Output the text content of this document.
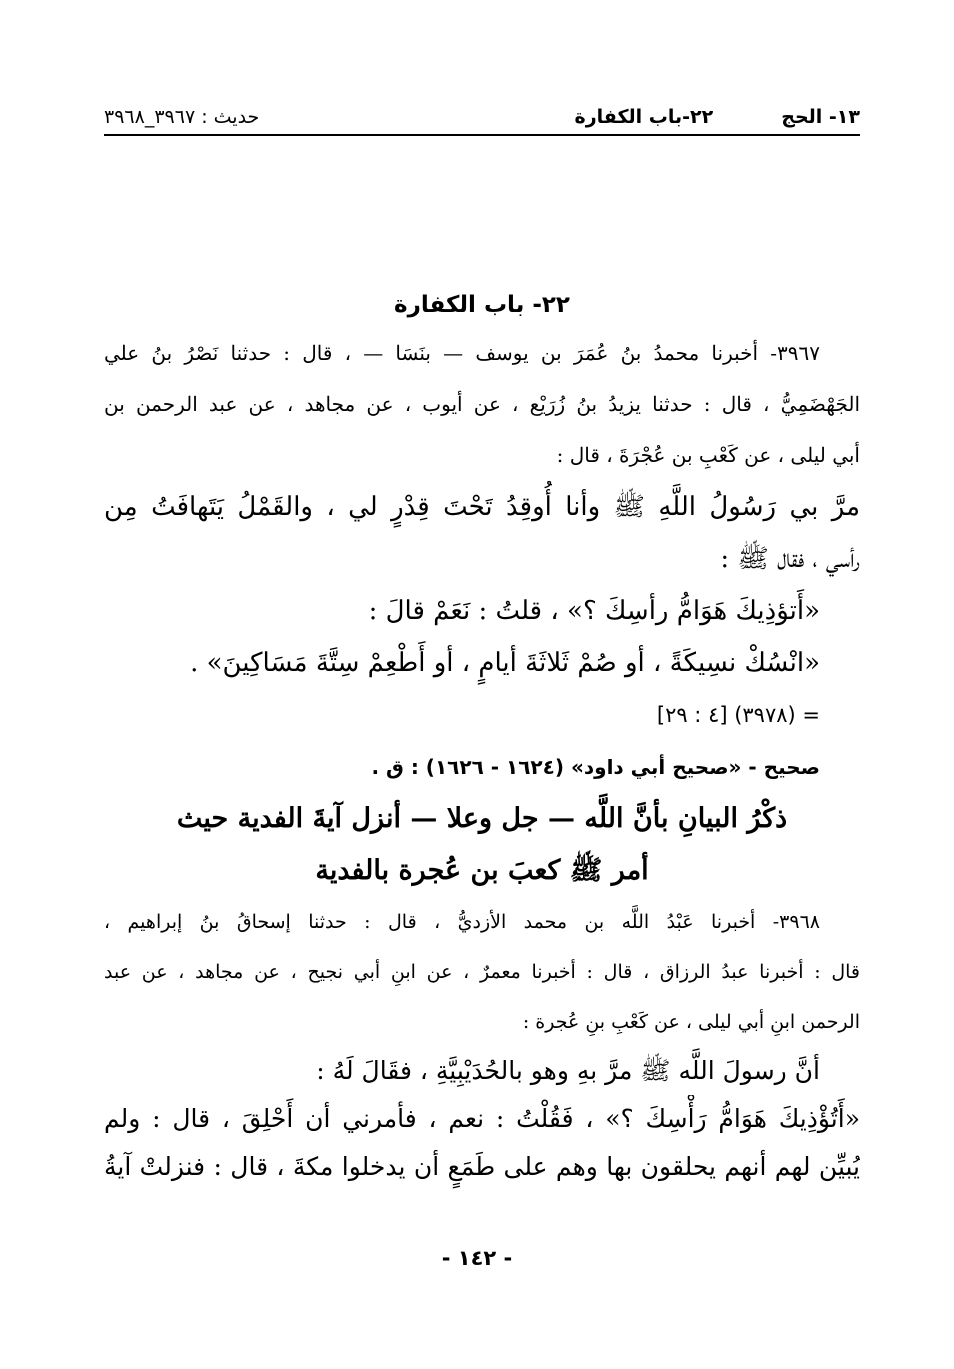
١٣- الحج
٢٢-باب الكفارة
حديث : ٣٩٦٧_٣٩٦٨
٢٢- باب الكفارة
٣٩٦٧- أخبرنا محمدُ بنُ عُمَرَ بن يوسف — بنَسَا — ، قال : حدثنا نَصْرُ بنُ علي
الجَهْضَمِيُّ ، قال : حدثنا يزيدُ بنُ زُرَيْع ، عن أيوب ، عن مجاهد ، عن عبد الرحمن بن
أبي ليلى ، عن كَعْبِ بن عُجْرَةَ ، قال :
مرَّ بي رَسُولُ اللَّهِ ﷺ وأنا أُوقِدُ تَحْتَ قِدْرٍ لي ، والقَمْلُ يَتَهافَتُ مِن
رأسي ، فقال ﷺ :
«أَتؤذِيكَ هَوَامُّ رأسِكَ ؟» ، قلتُ : نَعَمْ قالَ :
«انْسُكْ نسِيكَةً ، أو صُمْ ثَلاثَةَ أيامٍ ، أو أَطْعِمْ سِتَّةَ مَسَاكِينَ» .
= (٣٩٧٨) [٤ : ٢٩]
صحيح - «صحيح أبي داود» (١٦٢٤ - ١٦٢٦) : ق .
ذكْرُ البيانِ بأنَّ اللَّه — جل وعلا — أنزل آيةَ الفدية حيث
أمر ﷺ كعبَ بن عُجرة بالفدية
٣٩٦٨- أخبرنا عَبْدُ اللَّه بن محمد الأزديُّ ، قال : حدثنا إسحاقُ بنُ إبراهيم ،
قال : أخبرنا عبدُ الرزاق ، قال : أخبرنا معمرٌ ، عن ابنِ أبي نجيح ، عن مجاهد ، عن عبد
الرحمن ابنِ أبي ليلى ، عن كَعْبِ بنِ عُجرة :
أنَّ رسولَ اللَّه ﷺ مرَّ بهِ وهو بالحُدَيْبِيَّةِ ، فقَالَ لَهُ :
«أَتُؤْذِيكَ هَوَامُّ رَأْسِكَ ؟» ، فَقُلْتُ : نعم ، فأمرني أن أَحْلِقَ ، قال : ولم
يُبيِّن لهم أنهم يحلقون بها وهم على طَمَعٍ أن يدخلوا مكةَ ، قال : فنزلتْ آيةُ
- ١٤٢ -
